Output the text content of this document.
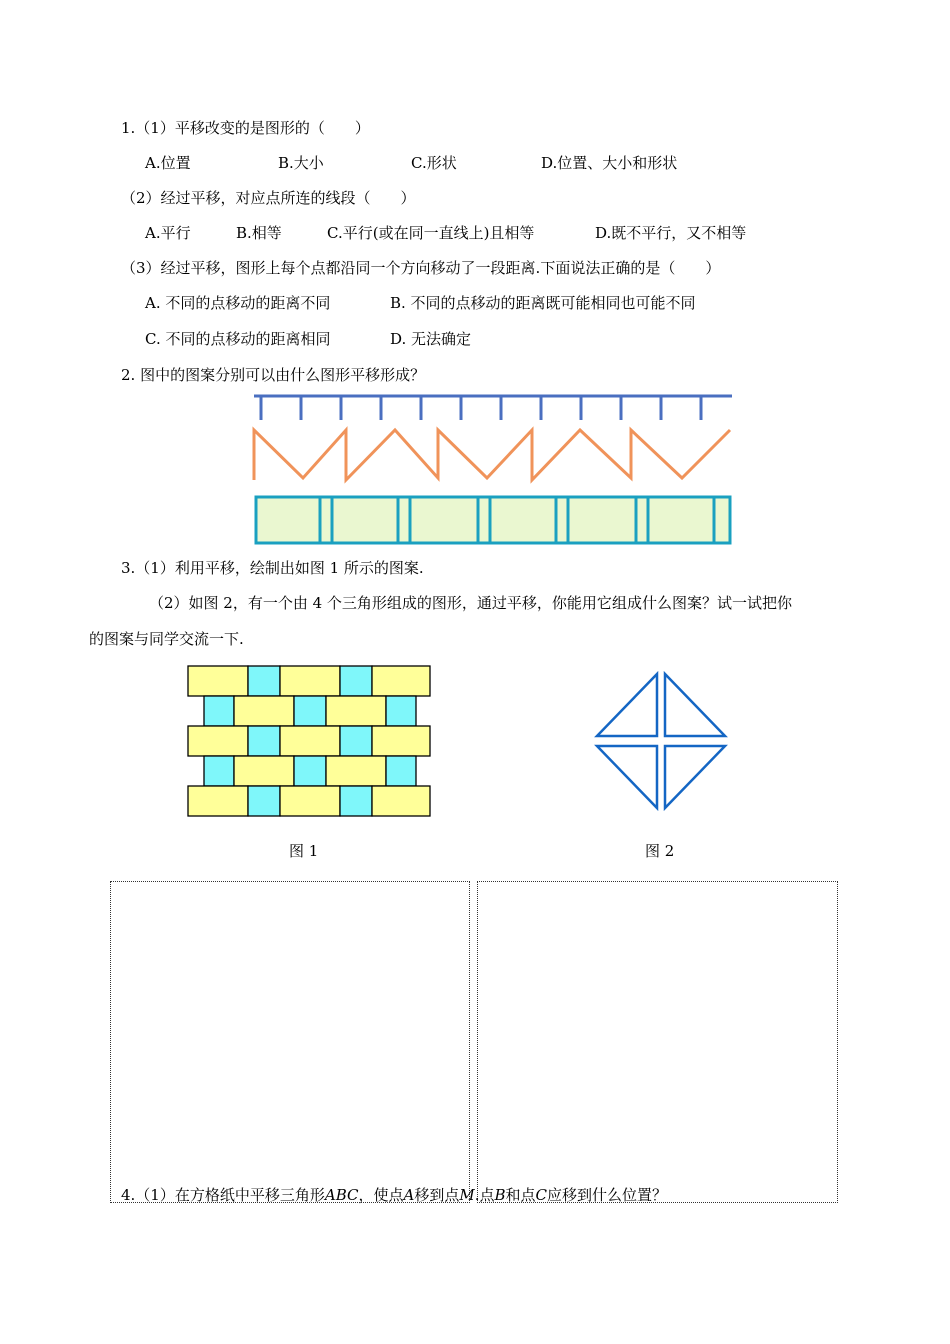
1.（1）平移改变的是图形的（　　）
A.位置	B.大小	C.形状	D.位置、大小和形状
（2）经过平移，对应点所连的线段（　　）
A.平行	B.相等	C.平行(或在同一直线上)且相等	D.既不平行，又不相等
（3）经过平移，图形上每个点都沿同一个方向移动了一段距离.下面说法正确的是（　　）
A. 不同的点移动的距离不同	B. 不同的点移动的距离既可能相同也可能不同
C. 不同的点移动的距离相同	D. 无法确定
2. 图中的图案分别可以由什么图形平移形成？
3.（1）利用平移，绘制出如图 1 所示的图案.
（2）如图 2，有一个由 4 个三角形组成的图形，通过平移，你能用它组成什么图案？试一试把你
的图案与同学交流一下.
图 1	图 2
4.（1）在方格纸中平移三角形ABC，使点A移到点M.点B和点C应移到什么位置？
